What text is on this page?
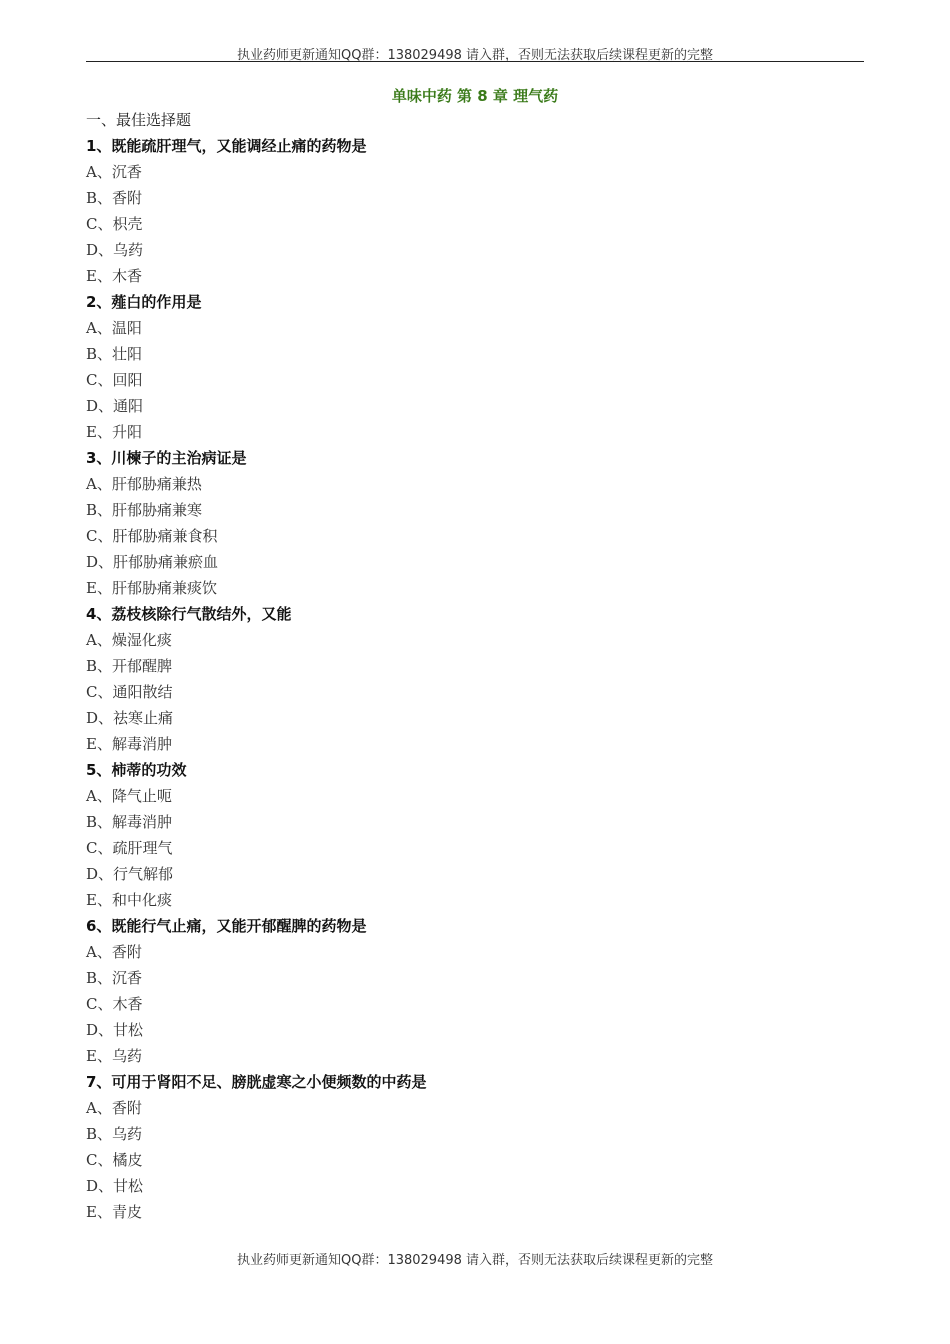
执业药师更新通知QQ群：138029498 请入群，否则无法获取后续课程更新的完整
单味中药 第 8 章 理气药
一、最佳选择题
1、既能疏肝理气，又能调经止痛的药物是
A、沉香
B、香附
C、枳壳
D、乌药
E、木香
2、薤白的作用是
A、温阳
B、壮阳
C、回阳
D、通阳
E、升阳
3、川楝子的主治病证是
A、肝郁胁痛兼热
B、肝郁胁痛兼寒
C、肝郁胁痛兼食积
D、肝郁胁痛兼瘀血
E、肝郁胁痛兼痰饮
4、荔枝核除行气散结外，又能
A、燥湿化痰
B、开郁醒脾
C、通阳散结
D、祛寒止痛
E、解毒消肿
5、柿蒂的功效
A、降气止呃
B、解毒消肿
C、疏肝理气
D、行气解郁
E、和中化痰
6、既能行气止痛，又能开郁醒脾的药物是
A、香附
B、沉香
C、木香
D、甘松
E、乌药
7、可用于肾阳不足、膀胱虚寒之小便频数的中药是
A、香附
B、乌药
C、橘皮
D、甘松
E、青皮
执业药师更新通知QQ群：138029498 请入群，否则无法获取后续课程更新的完整
